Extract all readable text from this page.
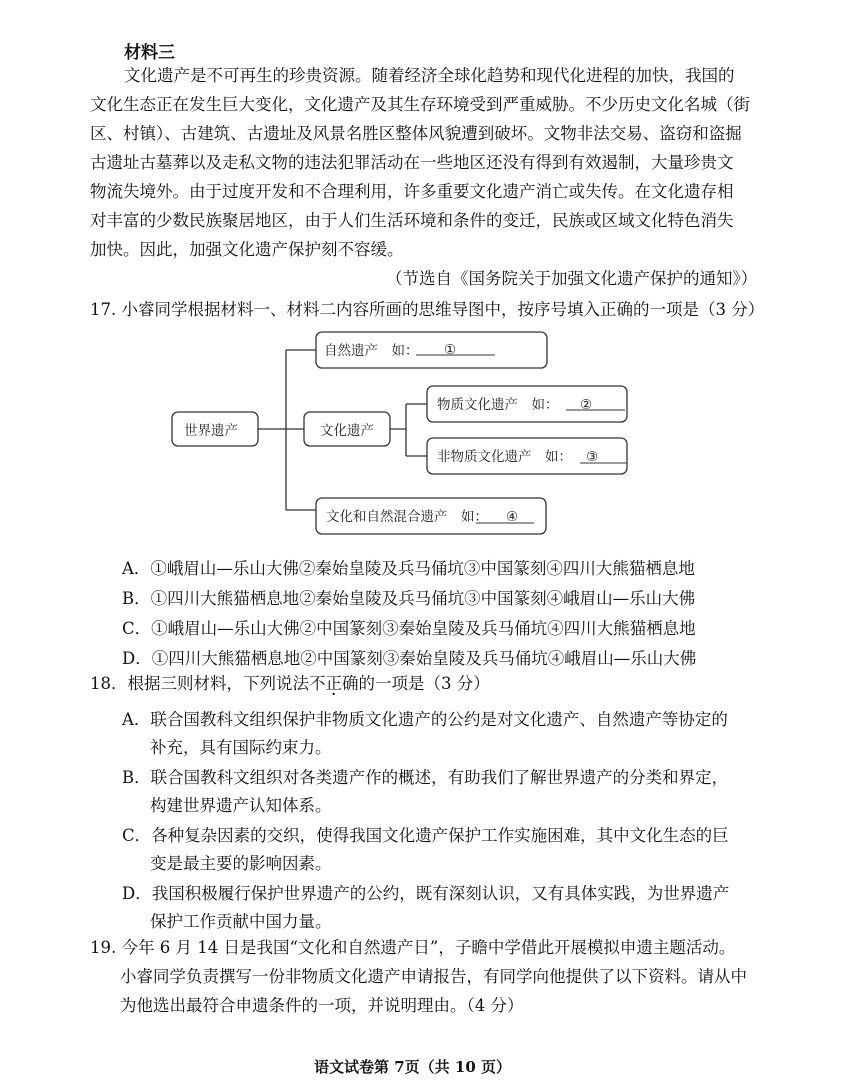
材料三
文化遗产是不可再生的珍贵资源。随着经济全球化趋势和现代化进程的加快，我国的
文化生态正在发生巨大变化，文化遗产及其生存环境受到严重威胁。不少历史文化名城（街
区、村镇）、古建筑、古遗址及风景名胜区整体风貌遭到破坏。文物非法交易、盗窃和盗掘
古遗址古墓葬以及走私文物的违法犯罪活动在一些地区还没有得到有效遏制，大量珍贵文
物流失境外。由于过度开发和不合理利用，许多重要文化遗产消亡或失传。在文化遗存相
对丰富的少数民族聚居地区，由于人们生活环境和条件的变迁，民族或区域文化特色消失
加快。因此，加强文化遗产保护刻不容缓。
（节选自《国务院关于加强文化遗产保护的通知》）
17. 小睿同学根据材料一、材料二内容所画的思维导图中，按序号填入正确的一项是（3 分）
世界遗产
自然遗产　如： ①
文化遗产
物质文化遗产　如： ②
非物质文化遗产　如： ③
文化和自然混合遗产　如： ④
A．①峨眉山—乐山大佛②秦始皇陵及兵马俑坑③中国篆刻④四川大熊猫栖息地
B．①四川大熊猫栖息地②秦始皇陵及兵马俑坑③中国篆刻④峨眉山—乐山大佛
C．①峨眉山—乐山大佛②中国篆刻③秦始皇陵及兵马俑坑④四川大熊猫栖息地
D．①四川大熊猫栖息地②中国篆刻③秦始皇陵及兵马俑坑④峨眉山—乐山大佛
18．根据三则材料，下列说法不正确的一项是（3 分）
A．联合国教科文组织保护非物质文化遗产的公约是对文化遗产、自然遗产等协定的
补充，具有国际约束力。
B．联合国教科文组织对各类遗产作的概述，有助我们了解世界遗产的分类和界定，
构建世界遗产认知体系。
C．各种复杂因素的交织，使得我国文化遗产保护工作实施困难，其中文化生态的巨
变是最主要的影响因素。
D．我国积极履行保护世界遗产的公约，既有深刻认识，又有具体实践，为世界遗产
保护工作贡献中国力量。
19. 今年 6 月 14 日是我国“文化和自然遗产日”，子瞻中学借此开展模拟申遗主题活动。
小睿同学负责撰写一份非物质文化遗产申请报告，有同学向他提供了以下资料。请从中
为他选出最符合申遗条件的一项，并说明理由。（4 分）
语文试卷第 7页（共 10 页）
